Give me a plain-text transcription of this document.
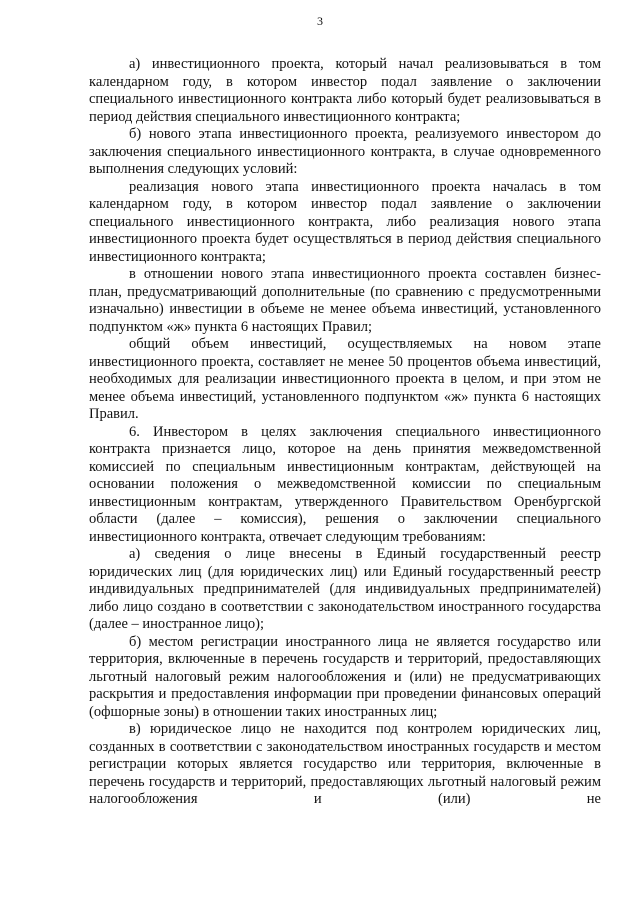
3

а) инвестиционного проекта, который начал реализовываться в том календарном году, в котором инвестор подал заявление о заключении специального инвестиционного контракта либо который будет реализовываться в период действия специального инвестиционного контракта;

б) нового этапа инвестиционного проекта, реализуемого инвестором до заключения специального инвестиционного контракта, в случае одновременного выполнения следующих условий:

реализация нового этапа инвестиционного проекта началась в том календарном году, в котором инвестор подал заявление о заключении специального инвестиционного контракта, либо реализация нового этапа инвестиционного проекта будет осуществляться в период действия специального инвестиционного контракта;

в отношении нового этапа инвестиционного проекта составлен бизнес-план, предусматривающий дополнительные (по сравнению с предусмотренными изначально) инвестиции в объеме не менее объема инвестиций, установленного подпунктом «ж» пункта 6 настоящих Правил;

общий объем инвестиций, осуществляемых на новом этапе инвестиционного проекта, составляет не менее 50 процентов объема инвестиций, необходимых для реализации инвестиционного проекта в целом, и при этом не менее объема инвестиций, установленного подпунктом «ж» пункта 6 настоящих Правил.

6. Инвестором в целях заключения специального инвестиционного контракта признается лицо, которое на день принятия межведомственной комиссией по специальным инвестиционным контрактам, действующей на основании положения о межведомственной комиссии по специальным инвестиционным контрактам, утвержденного Правительством Оренбургской области (далее – комиссия), решения о заключении специального инвестиционного контракта, отвечает следующим требованиям:

а) сведения о лице внесены в Единый государственный реестр юридических лиц (для юридических лиц) или Единый государственный реестр индивидуальных предпринимателей (для индивидуальных предпринимателей) либо лицо создано в соответствии с законодательством иностранного государства (далее – иностранное лицо);

б) местом регистрации иностранного лица не является государство или территория, включенные в перечень государств и территорий, предоставляющих льготный налоговый режим налогообложения и (или) не предусматривающих раскрытия и предоставления информации при проведении финансовых операций (офшорные зоны) в отношении таких иностранных лиц;

в) юридическое лицо не находится под контролем юридических лиц, созданных в соответствии с законодательством иностранных государств и местом регистрации которых является государство или территория, включенные в перечень государств и территорий, предоставляющих льготный налоговый режим налогообложения и (или) не
